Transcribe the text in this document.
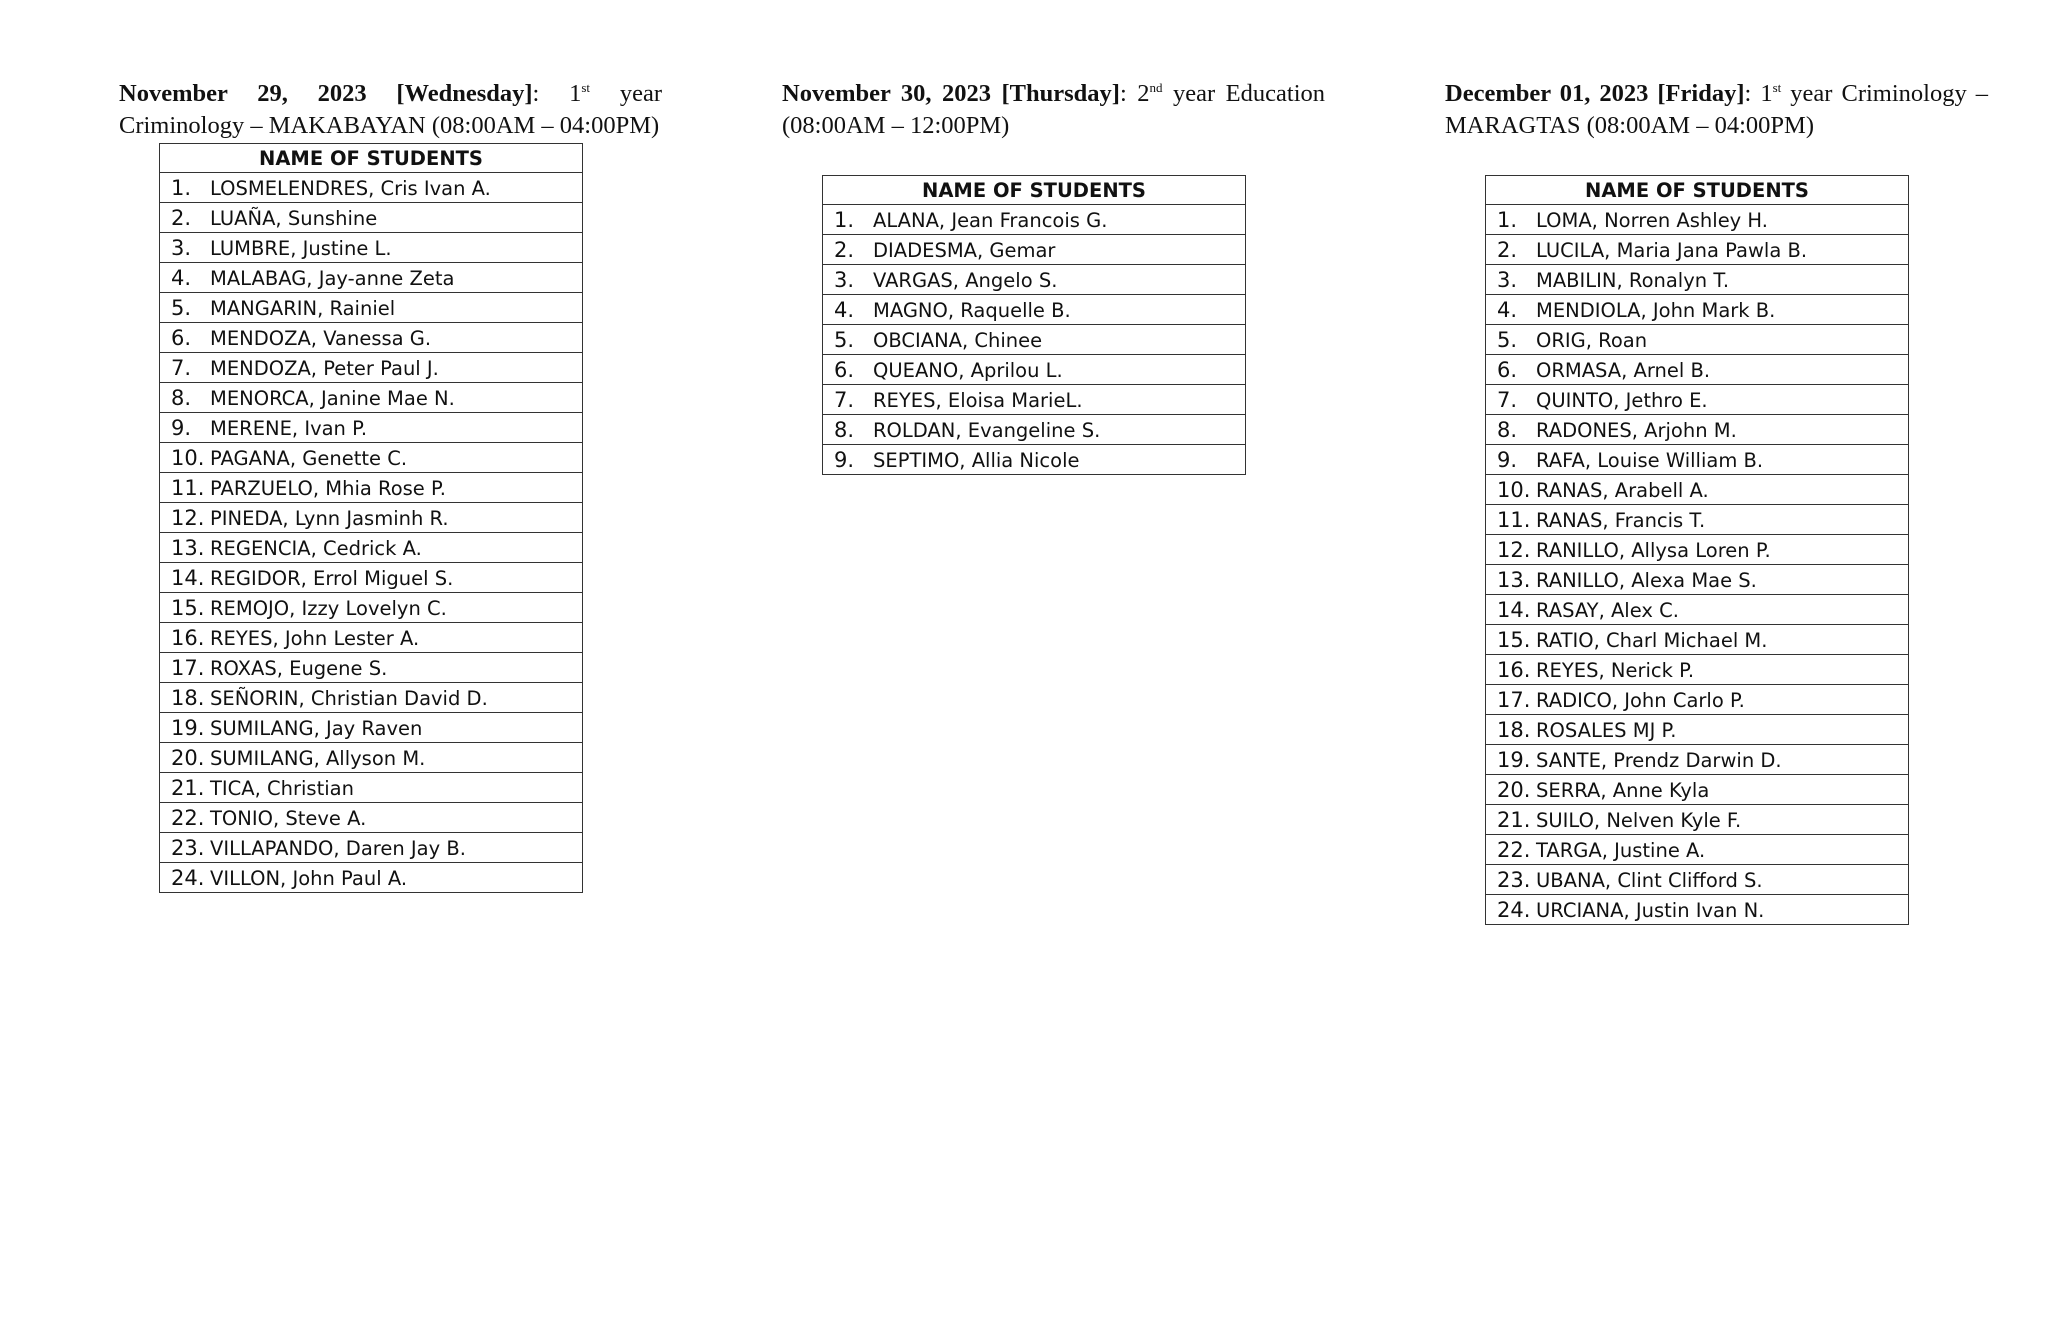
November 29, 2023 [Wednesday]: 1st year Criminology – MAKABAYAN (08:00AM – 04:00PM)

NAME OF STUDENTS
1. LOSMELENDRES, Cris Ivan A.
2. LUAÑA, Sunshine
3. LUMBRE, Justine L.
4. MALABAG, Jay-anne Zeta
5. MANGARIN, Rainiel
6. MENDOZA, Vanessa G.
7. MENDOZA, Peter Paul J.
8. MENORCA, Janine Mae N.
9. MERENE, Ivan P.
10. PAGANA, Genette C.
11. PARZUELO, Mhia Rose P.
12. PINEDA, Lynn Jasminh R.
13. REGENCIA, Cedrick A.
14. REGIDOR, Errol Miguel S.
15. REMOJO, Izzy Lovelyn C.
16. REYES, John Lester A.
17. ROXAS, Eugene S.
18. SEÑORIN, Christian David D.
19. SUMILANG, Jay Raven
20. SUMILANG, Allyson M.
21. TICA, Christian
22. TONIO, Steve A.
23. VILLAPANDO, Daren Jay B.
24. VILLON, John Paul A.

November 30, 2023 [Thursday]: 2nd year Education (08:00AM – 12:00PM)

NAME OF STUDENTS
1. ALANA, Jean Francois G.
2. DIADESMA, Gemar
3. VARGAS, Angelo S.
4. MAGNO, Raquelle B.
5. OBCIANA, Chinee
6. QUEANO, Aprilou L.
7. REYES, Eloisa MarieL.
8. ROLDAN, Evangeline S.
9. SEPTIMO, Allia Nicole

December 01, 2023 [Friday]: 1st year Criminology – MARAGTAS (08:00AM – 04:00PM)

NAME OF STUDENTS
1. LOMA, Norren Ashley H.
2. LUCILA, Maria Jana Pawla B.
3. MABILIN, Ronalyn T.
4. MENDIOLA, John Mark B.
5. ORIG, Roan
6. ORMASA, Arnel B.
7. QUINTO, Jethro E.
8. RADONES, Arjohn M.
9. RAFA, Louise William B.
10. RANAS, Arabell A.
11. RANAS, Francis T.
12. RANILLO, Allysa Loren P.
13. RANILLO, Alexa Mae S.
14. RASAY, Alex C.
15. RATIO, Charl Michael M.
16. REYES, Nerick P.
17. RADICO, John Carlo P.
18. ROSALES MJ P.
19. SANTE, Prendz Darwin D.
20. SERRA, Anne Kyla
21. SUILO, Nelven Kyle F.
22. TARGA, Justine A.
23. UBANA, Clint Clifford S.
24. URCIANA, Justin Ivan N.
